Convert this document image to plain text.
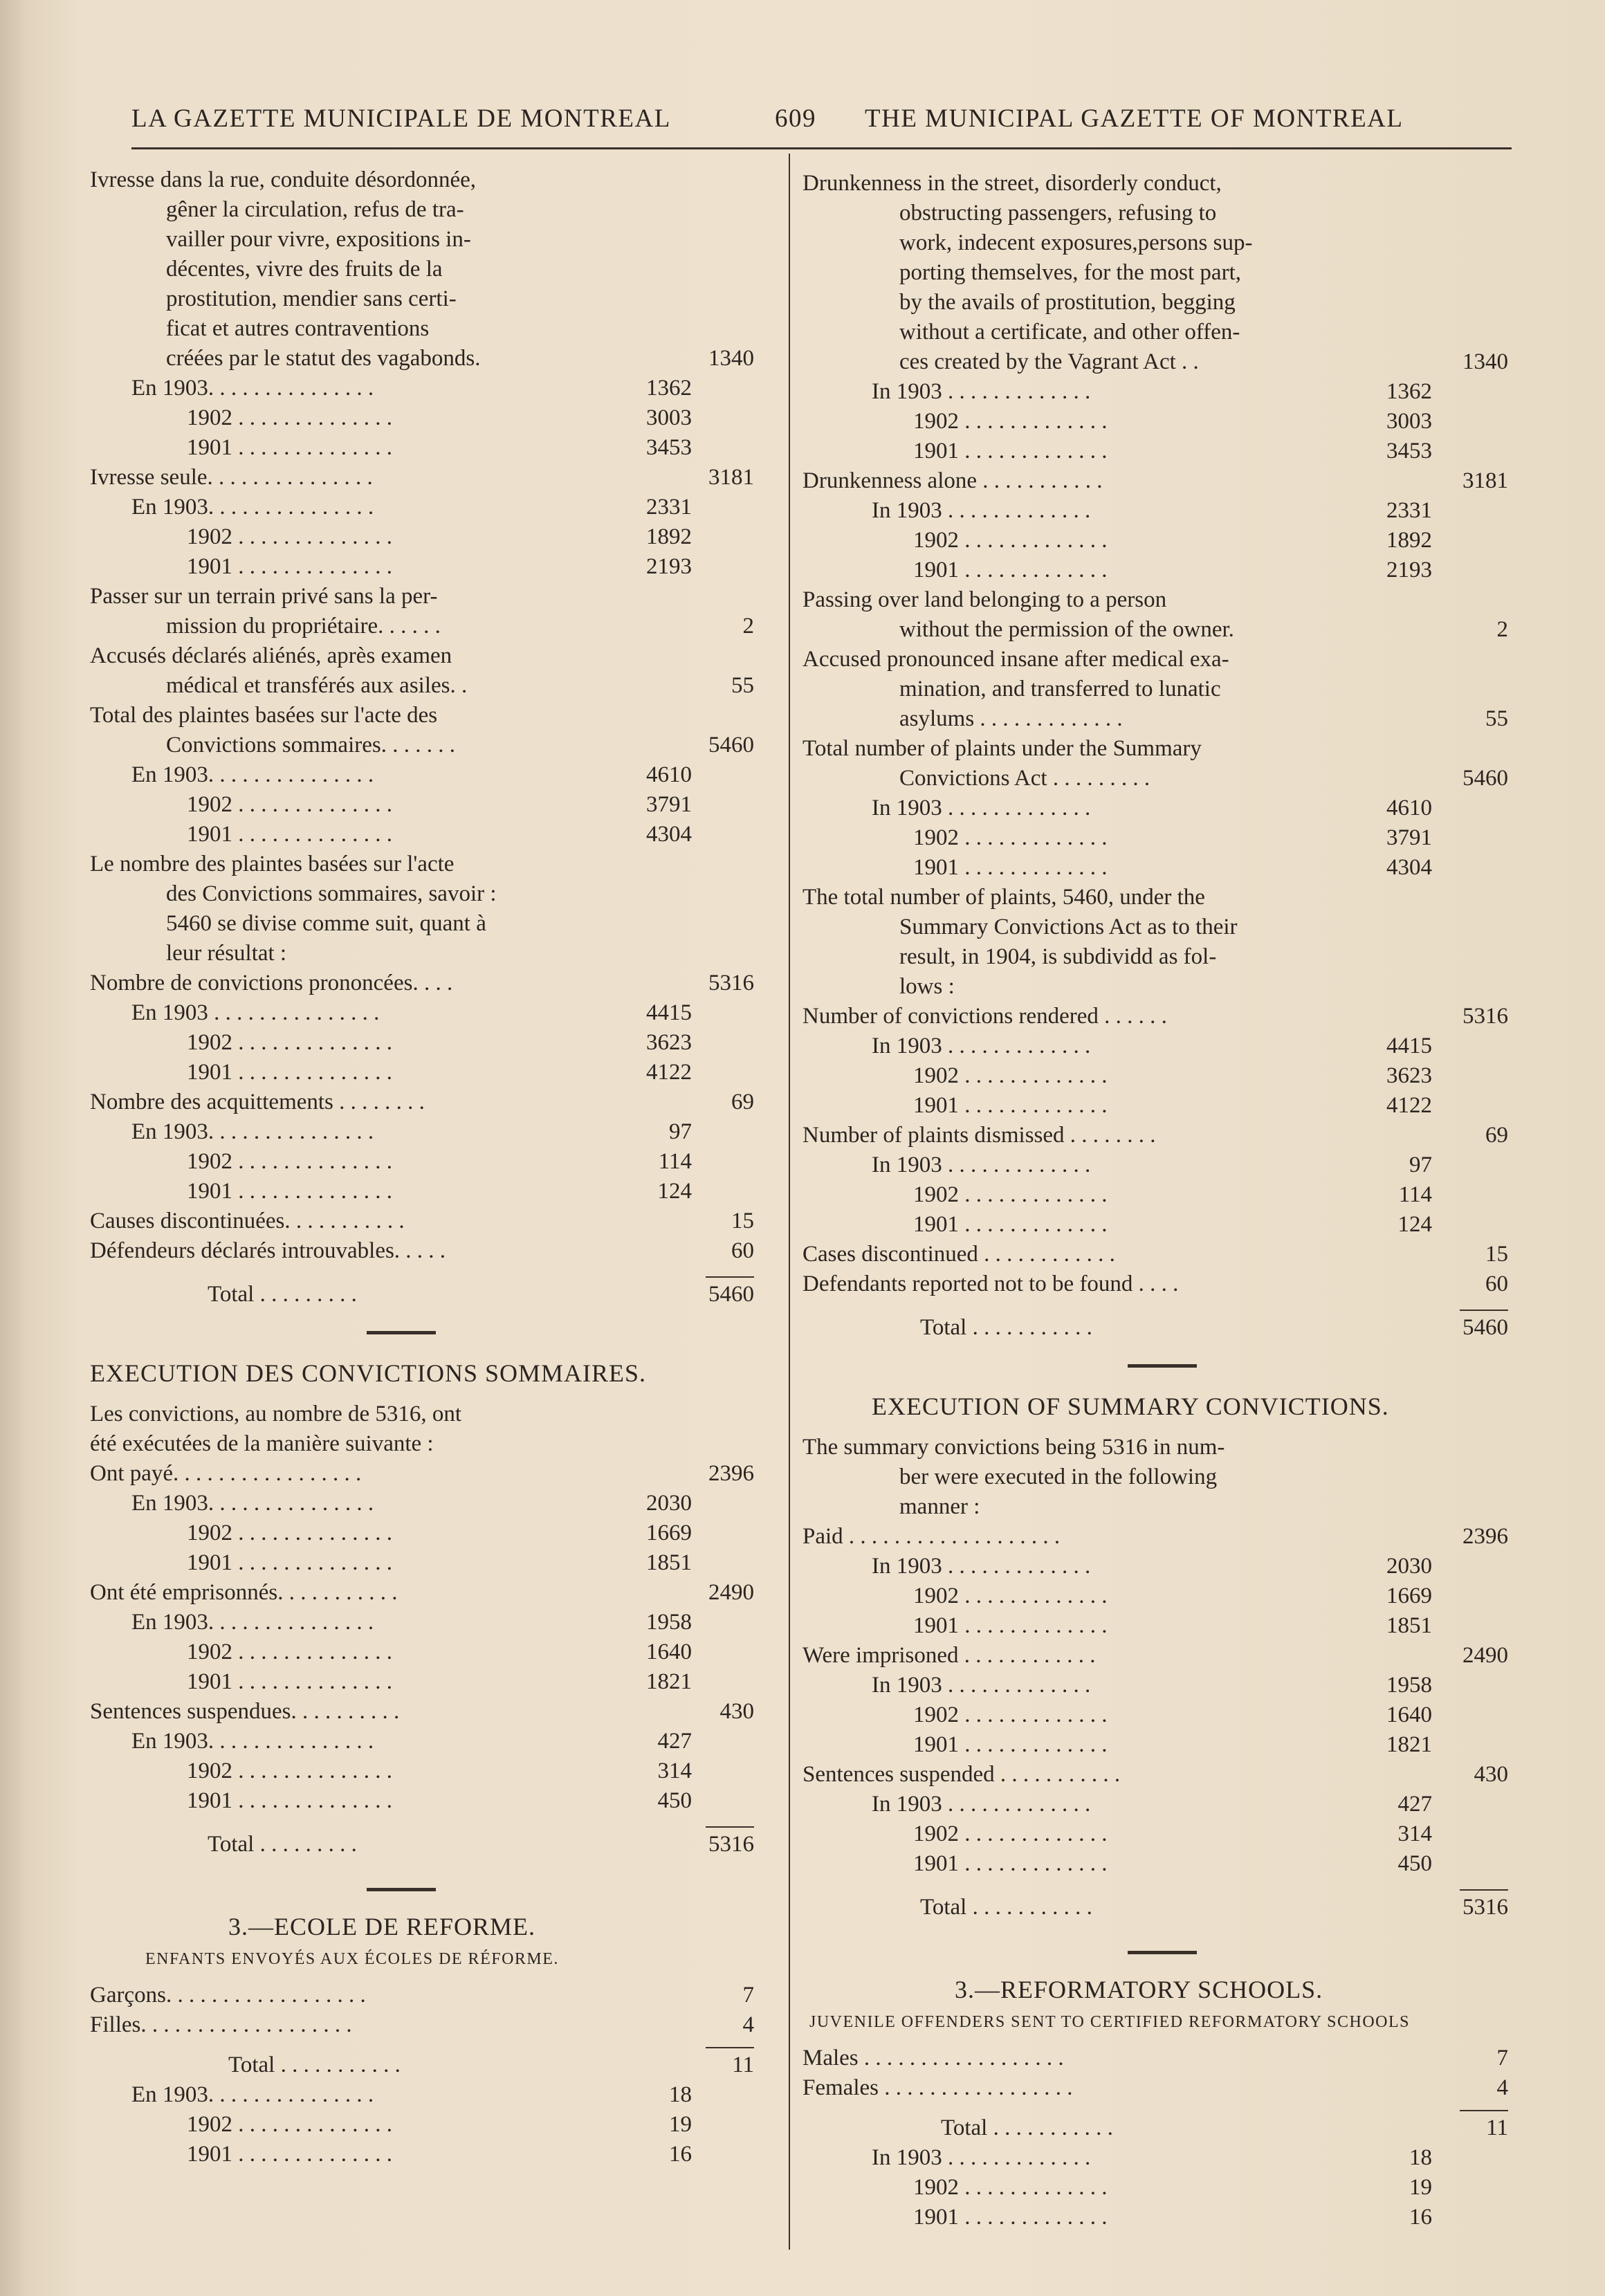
LA GAZETTE MUNICIPALE DE MONTREAL	609 THE MUNICIPAL GAZETTE OF MONTREAL
Ivresse dans la rue, conduite désordonnée,
gêner la circulation, refus de tra-
vailler pour vivre, expositions in-
décentes, vivre des fruits de la
prostitution, mendier sans certi-
ficat et autres contraventions
créées par le statut des vagabonds.	1340
En 1903. . . . . . . . . . . . . . .	1362
1902 . . . . . . . . . . . . . .	3003
1901 . . . . . . . . . . . . . .	3453
Ivresse seule. . . . . . . . . . . . . . .	3181
En 1903. . . . . . . . . . . . . . .	2331
1902 . . . . . . . . . . . . . .	1892
1901 . . . . . . . . . . . . . .	2193
Passer sur un terrain privé sans la per-
mission du propriétaire. . . . . .	2
Accusés déclarés aliénés, après examen
médical et transférés aux asiles. .	55
Total des plaintes basées sur l'acte des
Convictions sommaires. . . . . . .	5460
En 1903. . . . . . . . . . . . . . .	4610
1902 . . . . . . . . . . . . . .	3791
1901 . . . . . . . . . . . . . .	4304
Le nombre des plaintes basées sur l'acte
des Convictions sommaires, savoir :
5460 se divise comme suit, quant à
leur résultat :
Nombre de convictions prononcées. . . .	5316
En 1903 . . . . . . . . . . . . . . .	4415
1902 . . . . . . . . . . . . . .	3623
1901 . . . . . . . . . . . . . .	4122
Nombre des acquittements . . . . . . . .	69
En 1903. . . . . . . . . . . . . . .	97
1902 . . . . . . . . . . . . . .	114
1901 . . . . . . . . . . . . . .	124
Causes discontinuées. . . . . . . . . . .	15
Défendeurs déclarés introuvables. . . . .	60
Total . . . . . . . . .	5460
EXECUTION DES CONVICTIONS SOMMAIRES.
Les convictions, au nombre de 5316, ont
été exécutées de la manière suivante :
Ont payé. . . . . . . . . . . . . . . . .	2396
En 1903. . . . . . . . . . . . . . .	2030
1902 . . . . . . . . . . . . . .	1669
1901 . . . . . . . . . . . . . .	1851
Ont été emprisonnés. . . . . . . . . . .	2490
En 1903. . . . . . . . . . . . . . .	1958
1902 . . . . . . . . . . . . . .	1640
1901 . . . . . . . . . . . . . .	1821
Sentences suspendues. . . . . . . . . .	430
En 1903. . . . . . . . . . . . . . .	427
1902 . . . . . . . . . . . . . .	314
1901 . . . . . . . . . . . . . .	450
Total . . . . . . . . .	5316
3.—ECOLE DE REFORME.
ENFANTS ENVOYÉS AUX ÉCOLES DE RÉFORME.
Garçons. . . . . . . . . . . . . . . . . .	7
Filles. . . . . . . . . . . . . . . . . . .	4
Total . . . . . . . . . . .	11
En 1903. . . . . . . . . . . . . . .	18
1902 . . . . . . . . . . . . . .	19
1901 . . . . . . . . . . . . . .	16
Drunkenness in the street, disorderly conduct,
obstructing passengers, refusing to
work, indecent exposures,persons sup-
porting themselves, for the most part,
by the avails of prostitution, begging
without a certificate, and other offen-
ces created by the Vagrant Act . .	1340
In 1903 . . . . . . . . . . . . .	1362
1902 . . . . . . . . . . . . .	3003
1901 . . . . . . . . . . . . .	3453
Drunkenness alone . . . . . . . . . . .	3181
In 1903 . . . . . . . . . . . . .	2331
1902 . . . . . . . . . . . . .	1892
1901 . . . . . . . . . . . . .	2193
Passing over land belonging to a person
without the permission of the owner.	2
Accused pronounced insane after medical exa-
mination, and transferred to lunatic
asylums . . . . . . . . . . . . .	55
Total number of plaints under the Summary
Convictions Act . . . . . . . . .	5460
In 1903 . . . . . . . . . . . . .	4610
1902 . . . . . . . . . . . . .	3791
1901 . . . . . . . . . . . . .	4304
The total number of plaints, 5460, under the
Summary Convictions Act as to their
result, in 1904, is subdividd as fol-
lows :
Number of convictions rendered . . . . . .	5316
In 1903 . . . . . . . . . . . . .	4415
1902 . . . . . . . . . . . . .	3623
1901 . . . . . . . . . . . . .	4122
Number of plaints dismissed . . . . . . . .	69
In 1903 . . . . . . . . . . . . .	97
1902 . . . . . . . . . . . . .	114
1901 . . . . . . . . . . . . .	124
Cases discontinued . . . . . . . . . . . .	15
Defendants reported not to be found . . . .	60
Total . . . . . . . . . . .	5460
EXECUTION OF SUMMARY CONVICTIONS.
The summary convictions being 5316 in num-
ber were executed in the following
manner :
Paid . . . . . . . . . . . . . . . . . . .	2396
In 1903 . . . . . . . . . . . . .	2030
1902 . . . . . . . . . . . . .	1669
1901 . . . . . . . . . . . . .	1851
Were imprisoned . . . . . . . . . . . .	2490
In 1903 . . . . . . . . . . . . .	1958
1902 . . . . . . . . . . . . .	1640
1901 . . . . . . . . . . . . .	1821
Sentences suspended . . . . . . . . . . .	430
In 1903 . . . . . . . . . . . . .	427
1902 . . . . . . . . . . . . .	314
1901 . . . . . . . . . . . . .	450
Total . . . . . . . . . . .	5316
3.—REFORMATORY SCHOOLS.
JUVENILE OFFENDERS SENT TO CERTIFIED REFORMATORY SCHOOLS
Males . . . . . . . . . . . . . . . . . .	7
Females . . . . . . . . . . . . . . . . .	4
Total . . . . . . . . . . .	11
In 1903 . . . . . . . . . . . . .	18
1902 . . . . . . . . . . . . .	19
1901 . . . . . . . . . . . . .	16
